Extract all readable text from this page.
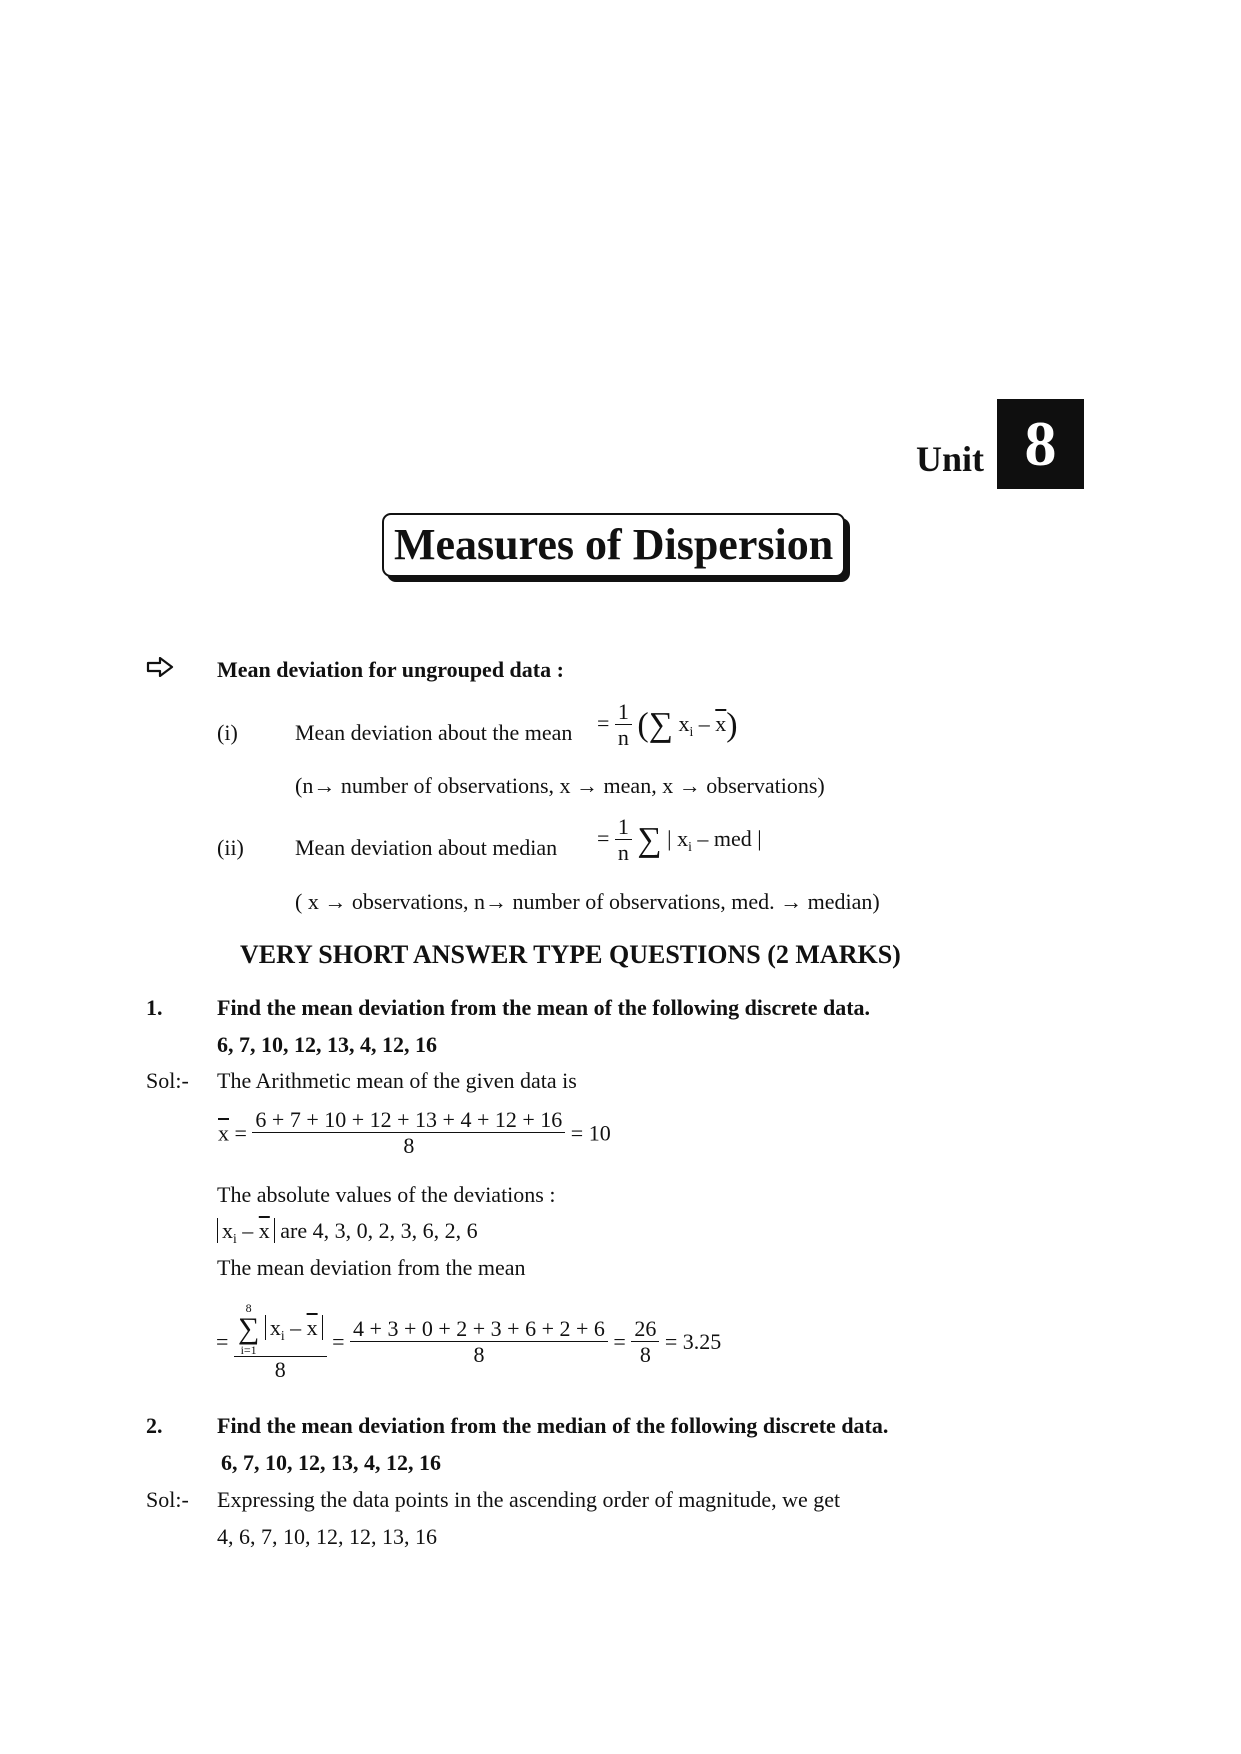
Unit 8
Measures of Dispersion
Mean deviation for ungrouped data :
(i)	Mean deviation about the mean = $\frac{1}{n}$ (∑ $x_i - \overline{x}$)
(n→ number of observations, x → mean, x → observations)
(ii) Mean deviation about median = $\frac{1}{n}$ ∑ | $x_i$ – med |
( x → observations, n→ number of observations, med. → median)
VERY SHORT ANSWER TYPE QUESTIONS (2 MARKS)
1. Find the mean deviation from the mean of the following discrete data.
6, 7, 10, 12, 13, 4, 12, 16
Sol:- The Arithmetic mean of the given data is
$\overline{x} = \frac{6 + 7 + 10 + 12 + 13 + 4 + 12 + 16}{8} = 10$
The absolute values of the deviations :
$x_i - \overline{x}$ are 4, 3, 0, 2, 3, 6, 2, 6
The mean deviation from the mean
= 8
∑
i=1
$x_i - \overline{x}$
$8 = \frac{4 + 3 + 0 + 2 + 3 + 6 + 2 + 6}{8} = \frac{26}{8} = 3.25$
2. Find the mean deviation from the median of the following discrete data.
6, 7, 10, 12, 13, 4, 12, 16
Sol:- Expressing the data points in the ascending order of magnitude, we get
4, 6, 7, 10, 12, 12, 13, 16
